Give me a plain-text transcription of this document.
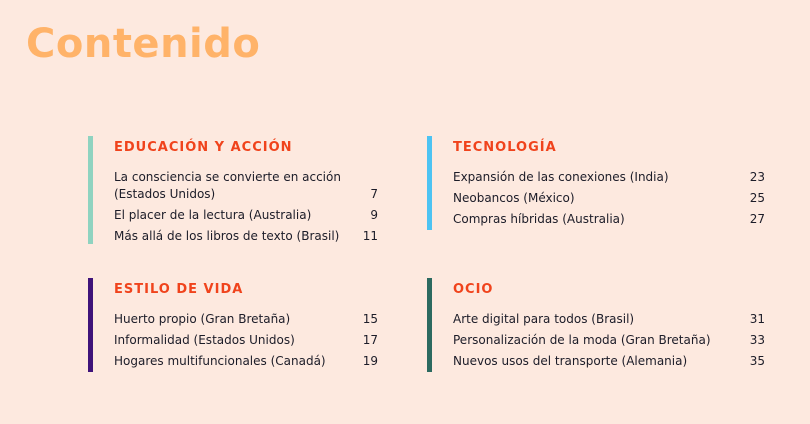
Contenido
EDUCACIÓN Y ACCIÓN
La consciencia se convierte en acción (Estados Unidos)	7
El placer de la lectura (Australia)	9
Más allá de los libros de texto (Brasil)	11
TECNOLOGÍA
Expansión de las conexiones (India)	23
Neobancos (México)	25
Compras híbridas (Australia)	27
ESTILO DE VIDA
Huerto propio (Gran Bretaña)	15
Informalidad (Estados Unidos)	17
Hogares multifuncionales (Canadá)	19
OCIO
Arte digital para todos (Brasil)	31
Personalización de la moda (Gran Bretaña)	33
Nuevos usos del transporte (Alemania)	35
